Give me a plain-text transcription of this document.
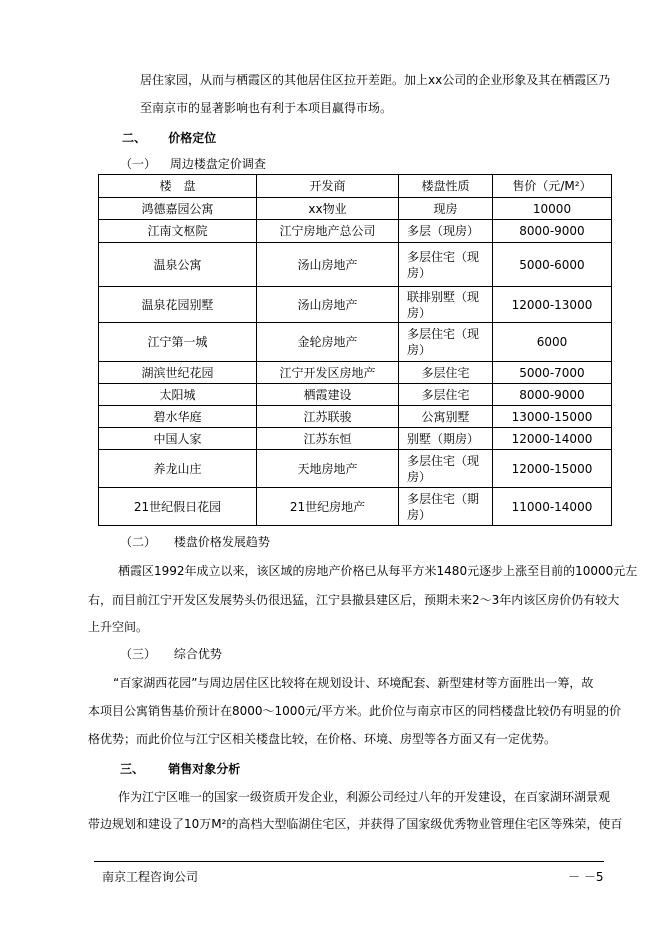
居住家园，从而与栖霞区的其他居住区拉开差距。加上xx公司的企业形象及其在栖霞区乃
至南京市的显著影响也有利于本项目赢得市场。
二、 价格定位
（一） 周边楼盘定价调查
楼　盘	开发商	楼盘性质	售价（元/M²）
鸿德嘉园公寓	xx物业	现房	10000
江南文枢院	江宁房地产总公司	多层（现房）	8000-9000
温泉公寓	汤山房地产	多层住宅（现房）	5000-6000
温泉花园别墅	汤山房地产	联排别墅（现房）	12000-13000
江宁第一城	金轮房地产	多层住宅（现房）	6000
湖滨世纪花园	江宁开发区房地产	多层住宅	5000-7000
太阳城	栖霞建设	多层住宅	8000-9000
碧水华庭	江苏联骏	公寓别墅	13000-15000
中国人家	江苏东恒	别墅（期房）	12000-14000
养龙山庄	天地房地产	多层住宅（现房）	12000-15000
21世纪假日花园	21世纪房地产	多层住宅（期房）	11000-14000
（二） 楼盘价格发展趋势
栖霞区1992年成立以来，该区域的房地产价格已从每平方米1480元逐步上涨至目前的10000元左
右，而目前江宁开发区发展势头仍很迅猛，江宁县撤县建区后，预期未来2～3年内该区房价仍有较大
上升空间。
（三） 综合优势
“百家湖西花园”与周边居住区比较将在规划设计、环境配套、新型建材等方面胜出一筹，故
本项目公寓销售基价预计在8000～1000元/平方米。此价位与南京市区的同档楼盘比较仍有明显的价
格优势；而此价位与江宁区相关楼盘比较，在价格、环境、房型等各方面又有一定优势。
三、 销售对象分析
作为江宁区唯一的国家一级资质开发企业，利源公司经过八年的开发建设，在百家湖环湖景观
带边规划和建设了10万M²的高档大型临湖住宅区，并获得了国家级优秀物业管理住宅区等殊荣，使百
南京工程咨询公司	－ －5
